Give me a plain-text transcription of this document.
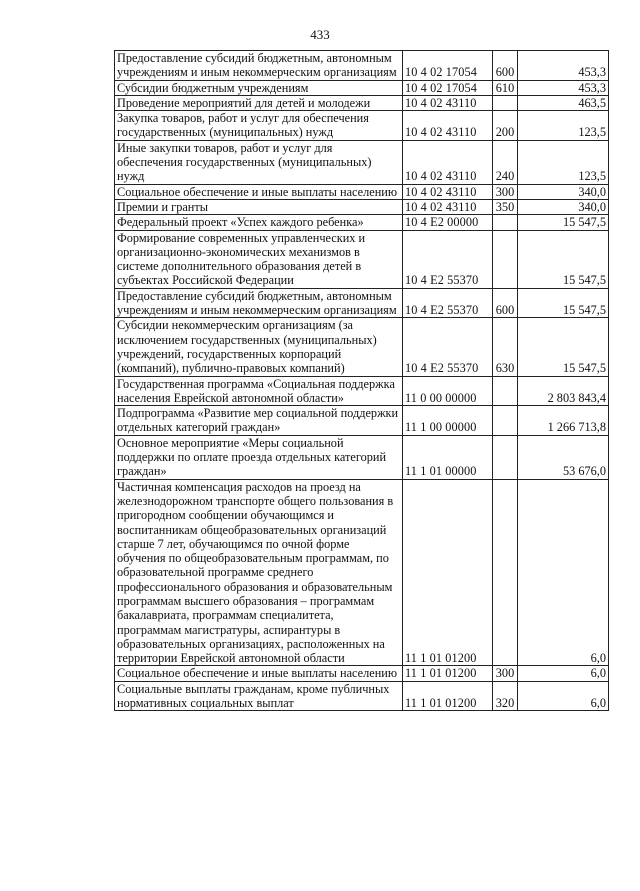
433
Предоставление субсидий бюджетным, автономным учреждениям и иным некоммерческим организациям	10 4 02 17054	600	453,3
Субсидии бюджетным учреждениям	10 4 02 17054	610	453,3
Проведение мероприятий для детей и молодежи	10 4 02 43110		463,5
Закупка товаров, работ и услуг для обеспечения государственных (муниципальных) нужд	10 4 02 43110	200	123,5
Иные закупки товаров, работ и услуг для обеспечения государственных (муниципальных) нужд	10 4 02 43110	240	123,5
Социальное обеспечение и иные выплаты населению	10 4 02 43110	300	340,0
Премии и гранты	10 4 02 43110	350	340,0
Федеральный проект «Успех каждого ребенка»	10 4 E2 00000		15 547,5
Формирование современных управленческих и организационно-экономических механизмов в системе дополнительного образования детей в субъектах Российской Федерации	10 4 E2 55370		15 547,5
Предоставление субсидий бюджетным, автономным учреждениям и иным некоммерческим организациям	10 4 E2 55370	600	15 547,5
Субсидии некоммерческим организациям (за исключением государственных (муниципальных) учреждений, государственных корпораций (компаний), публично-правовых компаний)	10 4 E2 55370	630	15 547,5
Государственная программа «Социальная поддержка населения Еврейской автономной области»	11 0 00 00000		2 803 843,4
Подпрограмма «Развитие мер социальной поддержки отдельных категорий граждан»	11 1 00 00000		1 266 713,8
Основное мероприятие «Меры социальной поддержки по оплате проезда отдельных категорий граждан»	11 1 01 00000		53 676,0
Частичная компенсация расходов на проезд на железнодорожном транспорте общего пользования в пригородном сообщении обучающимся и воспитанникам общеобразовательных организаций старше 7 лет, обучающимся по очной форме обучения по общеобразовательным программам, по образовательной программе среднего профессионального образования и образовательным программам высшего образования – программам бакалавриата, программам специалитета, программам магистратуры, аспирантуры в образовательных организациях, расположенных на территории Еврейской автономной области	11 1 01 01200		6,0
Социальное обеспечение и иные выплаты населению	11 1 01 01200	300	6,0
Социальные выплаты гражданам, кроме публичных нормативных социальных выплат	11 1 01 01200	320	6,0
